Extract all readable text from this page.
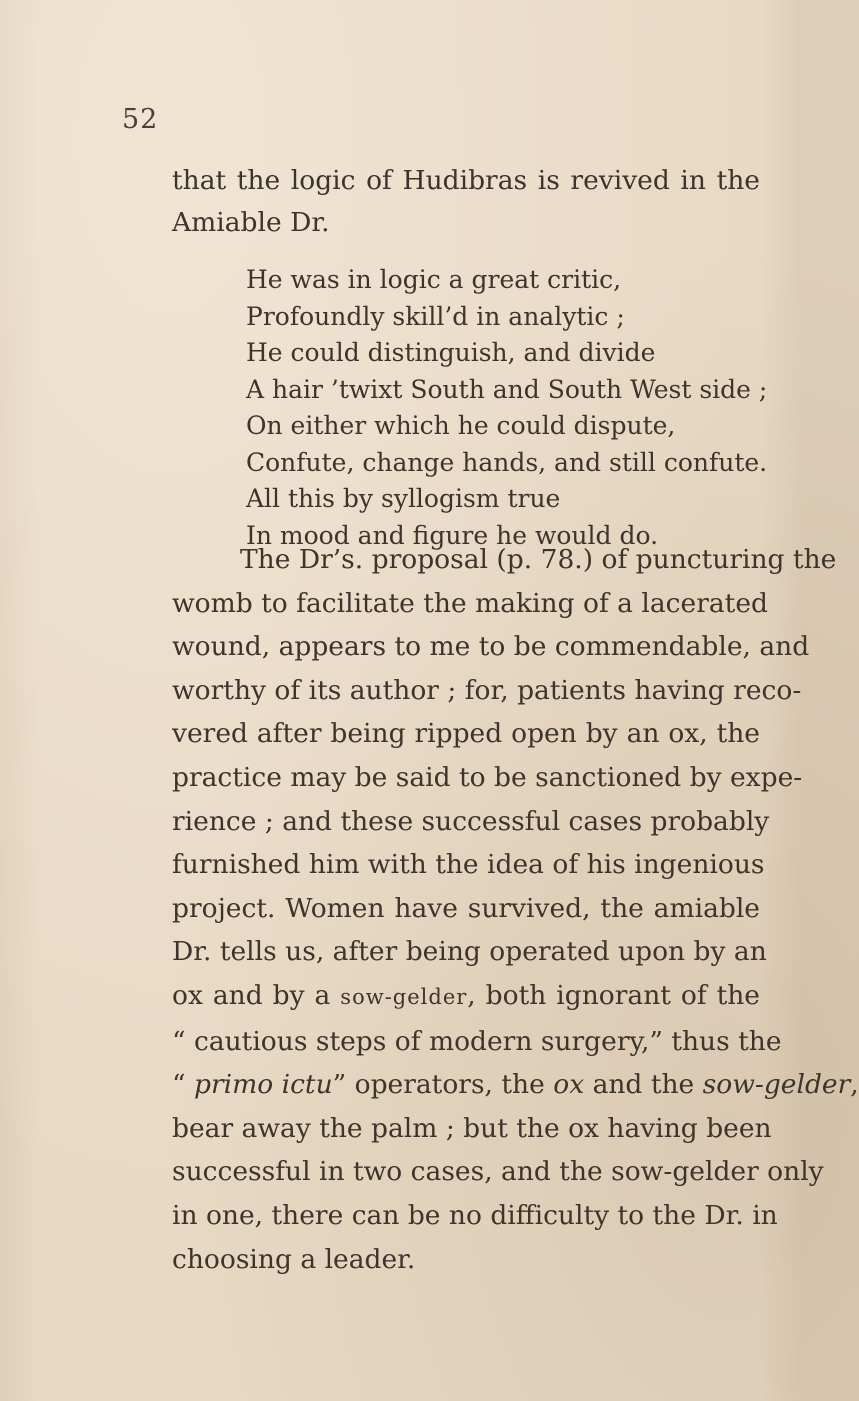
52
that the logic of Hudibras is revived in the
Amiable Dr.
He was in logic a great critic,
Profoundly skill’d in analytic ;
He could distinguish, and divide
A hair ’twixt South and South West side ;
On either which he could dispute,
Confute, change hands, and still confute.
All this by syllogism true
In mood and figure he would do.
The Dr’s. proposal (p. 78.) of puncturing the
womb to facilitate the making of a lacerated
wound, appears to me to be commendable, and
worthy of its author ; for, patients having reco-
vered after being ripped open by an ox, the
practice may be said to be sanctioned by expe-
rience ; and these successful cases probably
furnished him with the idea of his ingenious
project. Women have survived, the amiable
Dr. tells us, after being operated upon by an
ox and by a sow-gelder, both ignorant of the
“ cautious steps of modern surgery,” thus the
“ primo ictu” operators, the ox and the sow-gelder,
bear away the palm ; but the ox having been
successful in two cases, and the sow-gelder only
in one, there can be no difficulty to the Dr. in
choosing a leader.
